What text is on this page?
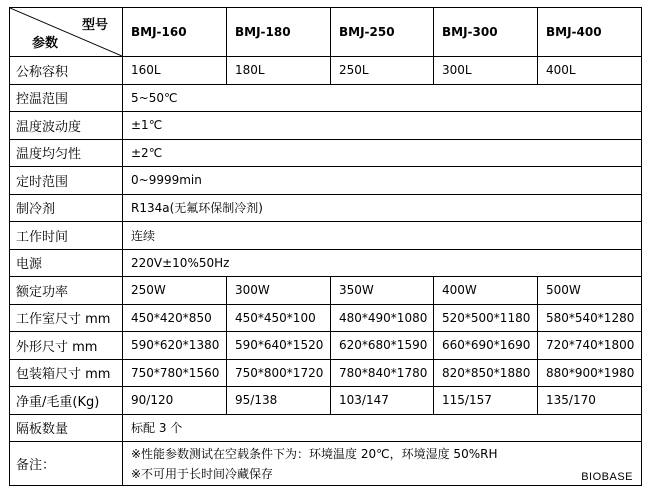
型号
参数	BMJ-160	BMJ-180	BMJ-250	BMJ-300	BMJ-400
公称容积	160L	180L	250L	300L	400L
控温范围	5~50℃				
温度波动度	±1℃				
温度均匀性	±2℃				
定时范围	0~9999min				
制冷剂	R134a(无氟环保制冷剂)				
工作时间	连续				
电源	220V±10%50Hz				
额定功率	250W	300W	350W	400W	500W
工作室尺寸 mm	450*420*850	450*450*100	480*490*1080	520*500*1180	580*540*1280
外形尺寸 mm	590*620*1380	590*640*1520	620*680*1590	660*690*1690	720*740*1800
包装箱尺寸 mm	750*780*1560	750*800*1720	780*840*1780	820*850*1880	880*900*1980
净重/毛重(Kg)	90/120	95/138	103/147	115/157	135/170
隔板数量	标配 3 个				
备注：	※性能参数测试在空载条件下为：环境温度 20℃，环境湿度 50%RH
※不可用于长时间冷藏保存 BIOBASE				
